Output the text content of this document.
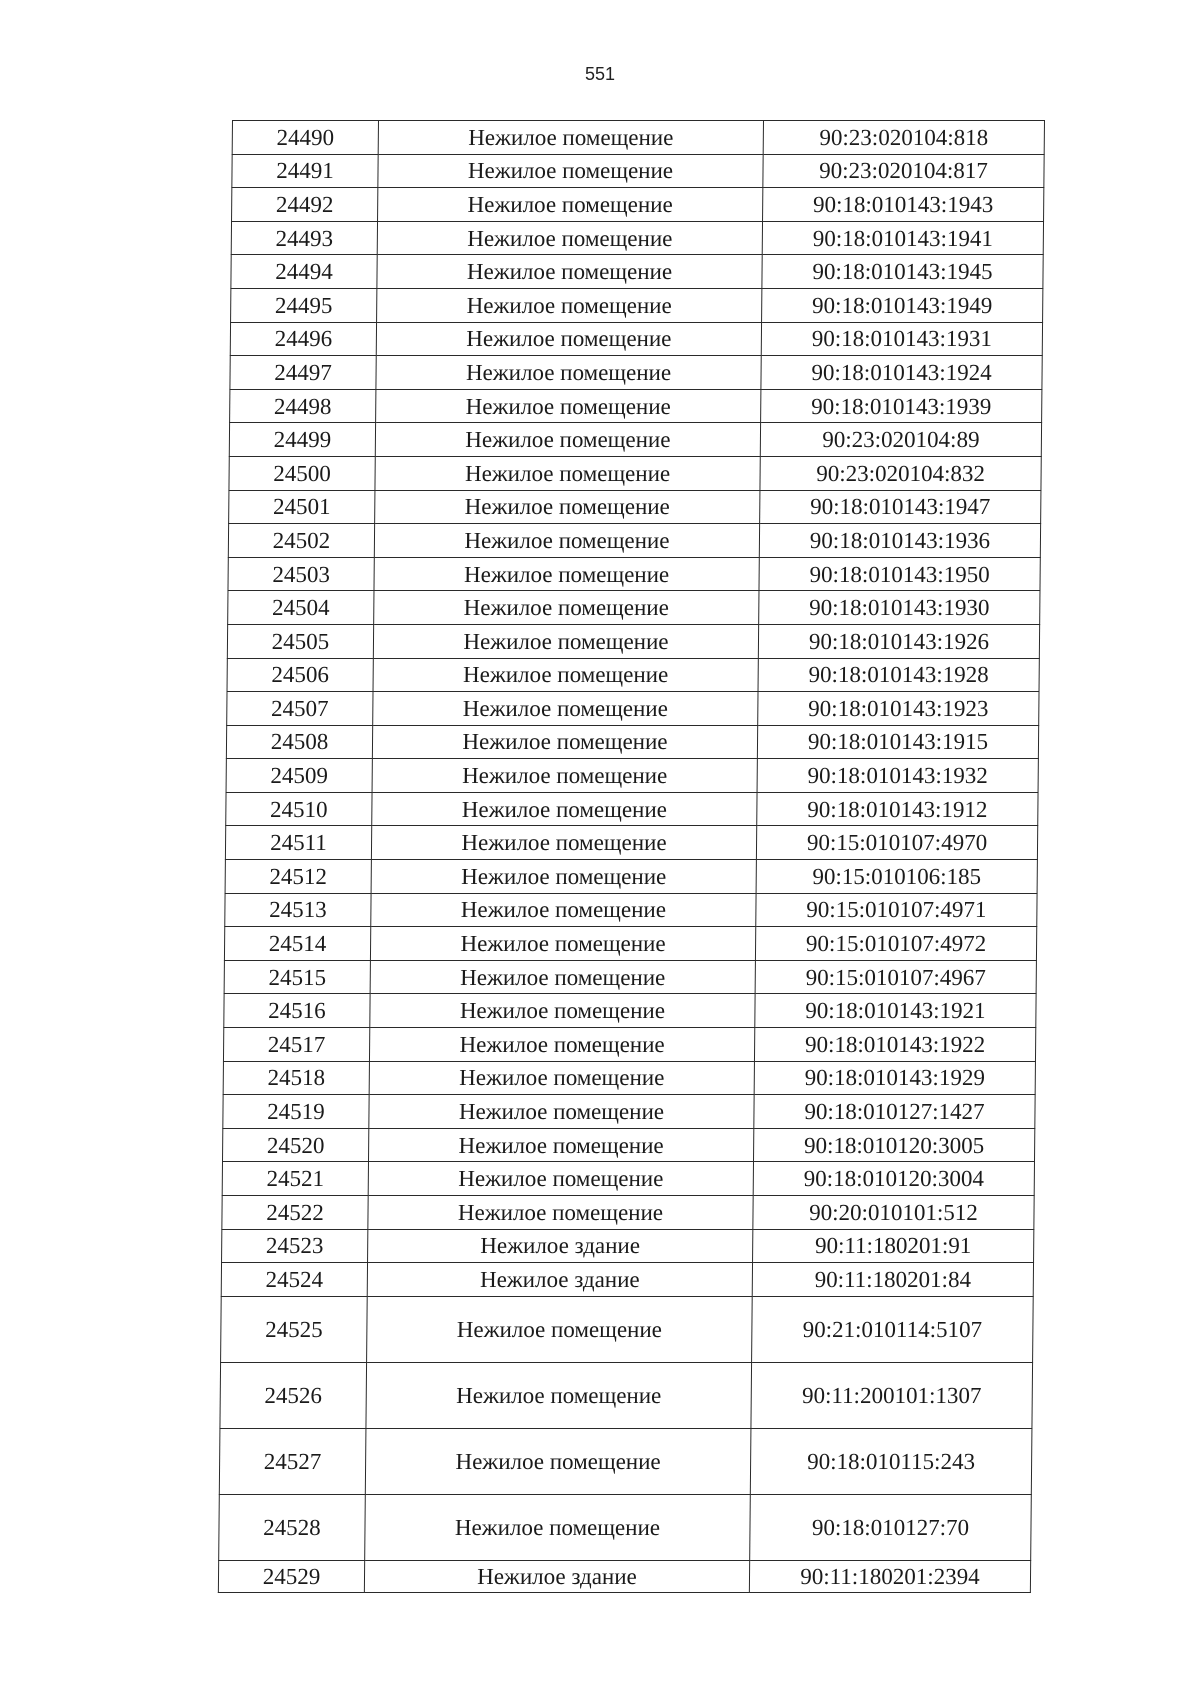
551
24490	Нежилое помещение	90:23:020104:818
24491	Нежилое помещение	90:23:020104:817
24492	Нежилое помещение	90:18:010143:1943
24493	Нежилое помещение	90:18:010143:1941
24494	Нежилое помещение	90:18:010143:1945
24495	Нежилое помещение	90:18:010143:1949
24496	Нежилое помещение	90:18:010143:1931
24497	Нежилое помещение	90:18:010143:1924
24498	Нежилое помещение	90:18:010143:1939
24499	Нежилое помещение	90:23:020104:89
24500	Нежилое помещение	90:23:020104:832
24501	Нежилое помещение	90:18:010143:1947
24502	Нежилое помещение	90:18:010143:1936
24503	Нежилое помещение	90:18:010143:1950
24504	Нежилое помещение	90:18:010143:1930
24505	Нежилое помещение	90:18:010143:1926
24506	Нежилое помещение	90:18:010143:1928
24507	Нежилое помещение	90:18:010143:1923
24508	Нежилое помещение	90:18:010143:1915
24509	Нежилое помещение	90:18:010143:1932
24510	Нежилое помещение	90:18:010143:1912
24511	Нежилое помещение	90:15:010107:4970
24512	Нежилое помещение	90:15:010106:185
24513	Нежилое помещение	90:15:010107:4971
24514	Нежилое помещение	90:15:010107:4972
24515	Нежилое помещение	90:15:010107:4967
24516	Нежилое помещение	90:18:010143:1921
24517	Нежилое помещение	90:18:010143:1922
24518	Нежилое помещение	90:18:010143:1929
24519	Нежилое помещение	90:18:010127:1427
24520	Нежилое помещение	90:18:010120:3005
24521	Нежилое помещение	90:18:010120:3004
24522	Нежилое помещение	90:20:010101:512
24523	Нежилое здание	90:11:180201:91
24524	Нежилое здание	90:11:180201:84
24525	Нежилое помещение	90:21:010114:5107
24526	Нежилое помещение	90:11:200101:1307
24527	Нежилое помещение	90:18:010115:243
24528	Нежилое помещение	90:18:010127:70
24529	Нежилое здание	90:11:180201:2394
